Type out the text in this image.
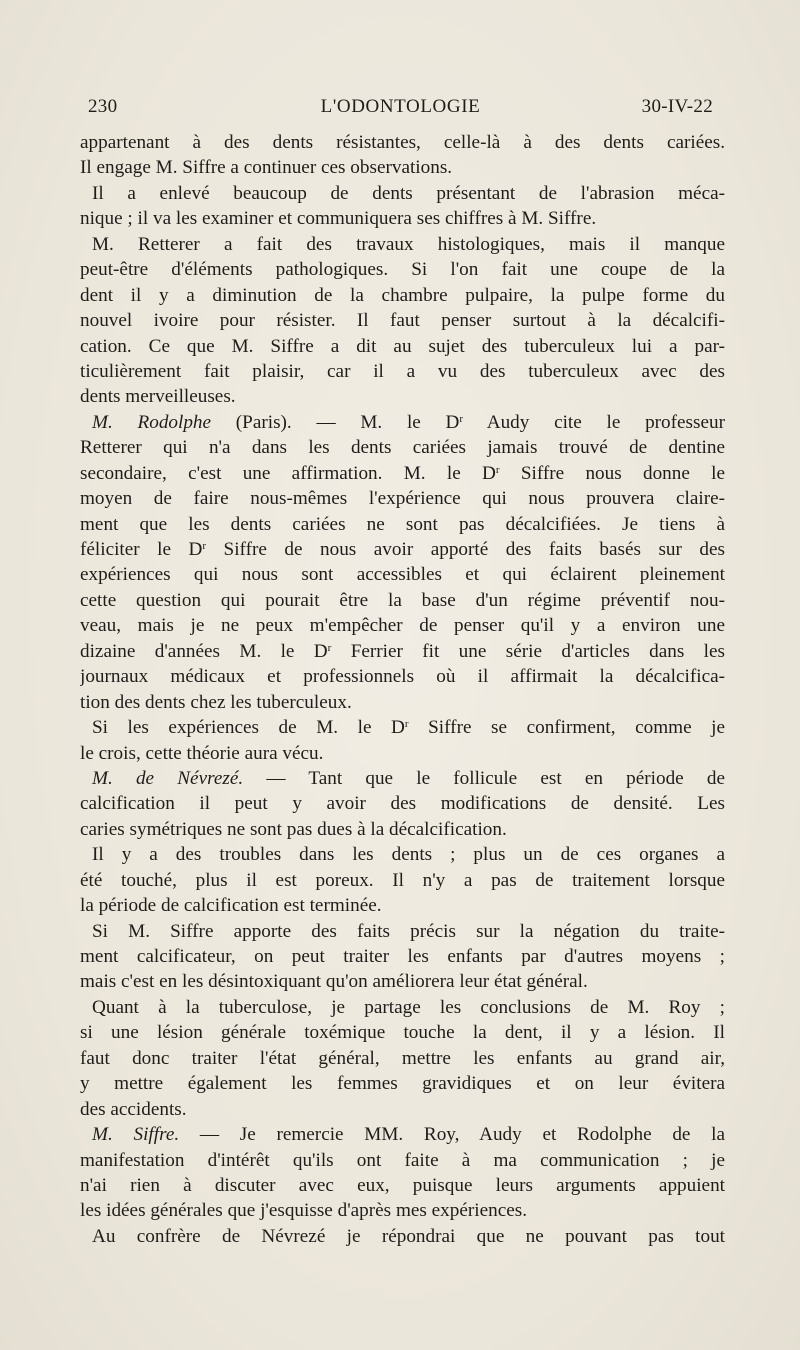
230	L'ODONTOLOGIE	30-IV-22
appartenant à des dents résistantes, celle-là à des dents cariées.
Il engage M. Siffre a continuer ces observations.
Il a enlevé beaucoup de dents présentant de l'abrasion méca-
nique ; il va les examiner et communiquera ses chiffres à M. Siffre.
M. Retterer a fait des travaux histologiques, mais il manque
peut-être d'éléments pathologiques. Si l'on fait une coupe de la
dent il y a diminution de la chambre pulpaire, la pulpe forme du
nouvel ivoire pour résister. Il faut penser surtout à la décalcifi-
cation. Ce que M. Siffre a dit au sujet des tuberculeux lui a par-
ticulièrement fait plaisir, car il a vu des tuberculeux avec des
dents merveilleuses.
M. Rodolphe (Paris). — M. le $D^r$ Audy cite le professeur
Retterer qui n'a dans les dents cariées jamais trouvé de dentine
secondaire, c'est une affirmation. M. le $D^r$ Siffre nous donne le
moyen de faire nous-mêmes l'expérience qui nous prouvera claire-
ment que les dents cariées ne sont pas décalcifiées. Je tiens à
féliciter le $D^r$ Siffre de nous avoir apporté des faits basés sur des
expériences qui nous sont accessibles et qui éclairent pleinement
cette question qui pourait être la base d'un régime préventif nou-
veau, mais je ne peux m'empêcher de penser qu'il y a environ une
dizaine d'années M. le $D^r$ Ferrier fit une série d'articles dans les
journaux médicaux et professionnels où il affirmait la décalcifica-
tion des dents chez les tuberculeux.
Si les expériences de M. le $D^r$ Siffre se confirment, comme je
le crois, cette théorie aura vécu.
M. de Névrezé. — Tant que le follicule est en période de
calcification il peut y avoir des modifications de densité. Les
caries symétriques ne sont pas dues à la décalcification.
Il y a des troubles dans les dents ; plus un de ces organes a
été touché, plus il est poreux. Il n'y a pas de traitement lorsque
la période de calcification est terminée.
Si M. Siffre apporte des faits précis sur la négation du traite-
ment calcificateur, on peut traiter les enfants par d'autres moyens ;
mais c'est en les désintoxiquant qu'on améliorera leur état général.
Quant à la tuberculose, je partage les conclusions de M. Roy ;
si une lésion générale toxémique touche la dent, il y a lésion. Il
faut donc traiter l'état général, mettre les enfants au grand air,
y mettre également les femmes gravidiques et on leur évitera
des accidents.
M. Siffre. — Je remercie MM. Roy, Audy et Rodolphe de la
manifestation d'intérêt qu'ils ont faite à ma communication ; je
n'ai rien à discuter avec eux, puisque leurs arguments appuient
les idées générales que j'esquisse d'après mes expériences.
Au confrère de Névrezé je répondrai que ne pouvant pas tout
